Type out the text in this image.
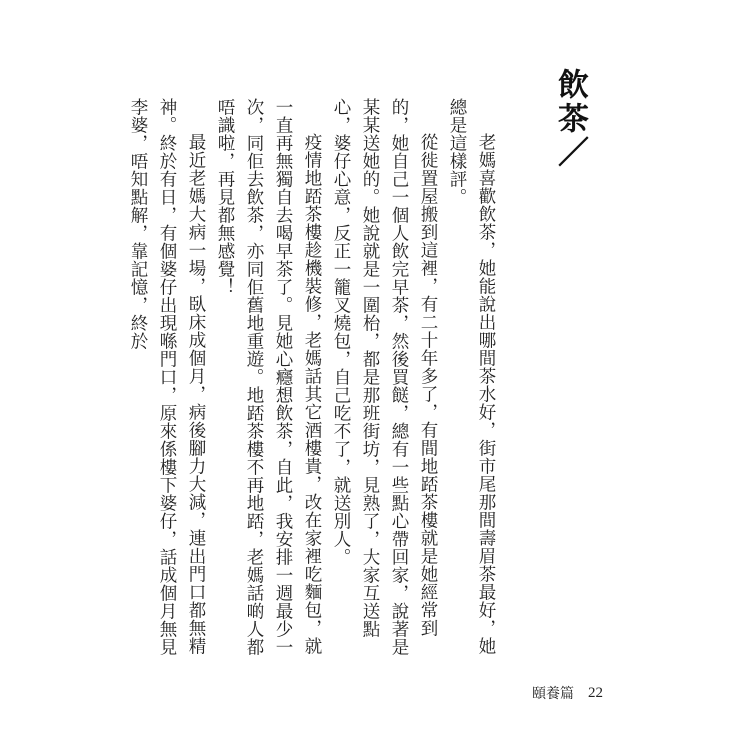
飲茶／

老媽喜歡飲茶，她能說出哪間茶水好，街市尾那間壽眉茶最好，她總是這樣評。

從徙置屋搬到這裡，有二十年多了，有間地踎茶樓就是她經常到的，她自己一個人飲完早茶，然後買餸，總有一些點心帶回家，說著是某某送她的。她說就是一圍枱，都是那班街坊，見熟了，大家互送點心，婆仔心意，反正一籠叉燒包，自己吃不了，就送別人。

疫情地踎茶樓趁機裝修，老媽話其它酒樓貴，改在家裡吃麵包，就一直再無獨自去喝早茶了。見她心癮想飲茶，自此，我安排一週最少一次，同佢去飲茶，亦同佢舊地重遊。地踎茶樓不再地踎，老媽話啲人都唔識啦，再見都無感覺！

最近老媽大病一場，臥床成個月，病後腳力大減，連出門口都無精神。終於有日，有個婆仔出現喺門口，原來係樓下婆仔，話成個月無見李婆，唔知點解，靠記憶，終於

頤養篇 22
